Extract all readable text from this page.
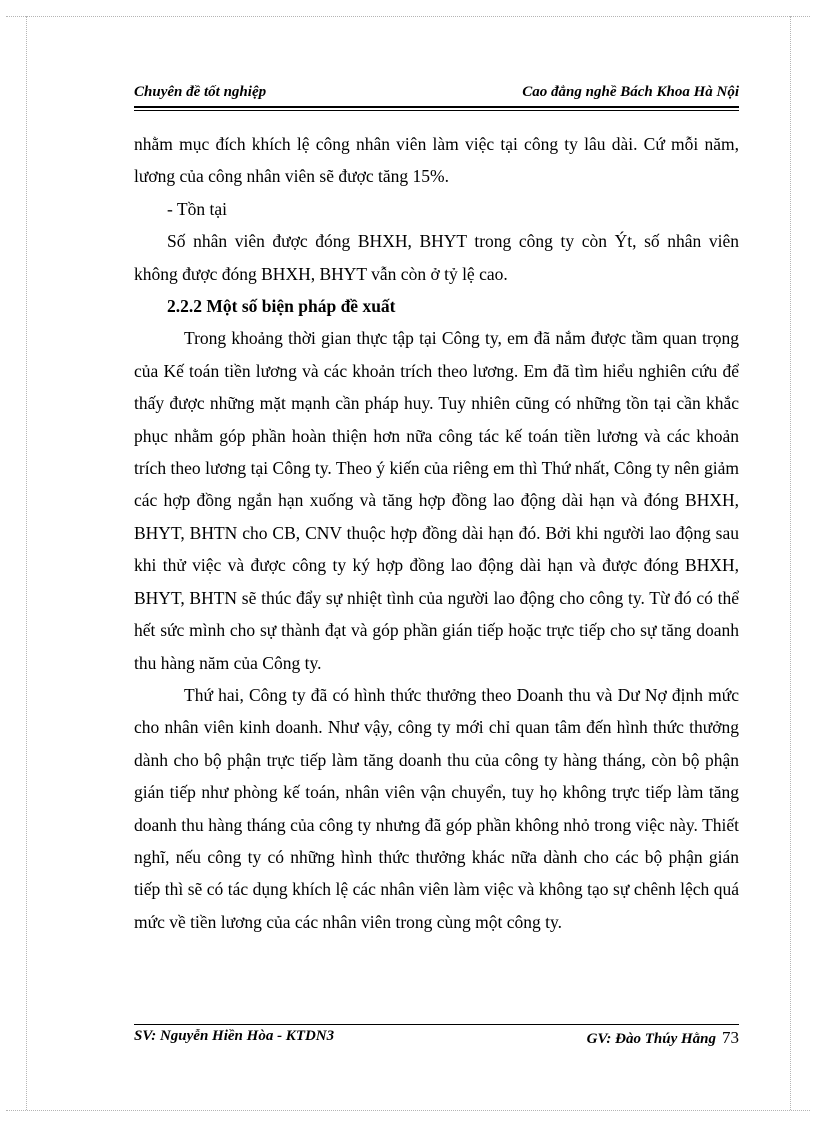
Chuyên đề tốt nghiệp	Cao đẳng nghề Bách Khoa Hà Nội

nhằm mục đích khích lệ công nhân viên làm việc tại công ty lâu dài. Cứ mỗi năm, lương của công nhân viên sẽ được tăng 15%.

- Tồn tại

Số nhân viên được đóng BHXH, BHYT trong công ty còn Ýt, số nhân viên không được đóng BHXH, BHYT vẫn còn ở tỷ lệ cao.

2.2.2 Một số biện pháp đề xuất

Trong khoảng thời gian thực tập tại Công ty, em đã nắm được tầm quan trọng của Kế toán tiền lương và các khoản trích theo lương. Em đã tìm hiểu nghiên cứu để thấy được những mặt mạnh cần pháp huy. Tuy nhiên cũng có những tồn tại cần khắc phục nhằm góp phần hoàn thiện hơn nữa công tác kế toán tiền lương và các khoản trích theo lương tại Công ty. Theo ý kiến của riêng em thì Thứ nhất, Công ty nên giảm các hợp đồng ngắn hạn xuống và tăng hợp đồng lao động dài hạn và đóng BHXH, BHYT, BHTN cho CB, CNV thuộc hợp đồng dài hạn đó. Bởi khi người lao động sau khi thử việc và được công ty ký hợp đồng lao động dài hạn và được đóng BHXH, BHYT, BHTN sẽ thúc đẩy sự nhiệt tình của người lao động cho công ty. Từ đó có thể hết sức mình cho sự thành đạt và góp phần gián tiếp hoặc trực tiếp cho sự tăng doanh thu hàng năm của Công ty.

Thứ hai, Công ty đã có hình thức thưởng theo Doanh thu và Dư Nợ định mức cho nhân viên kinh doanh. Như vậy, công ty mới chỉ quan tâm đến hình thức thưởng dành cho bộ phận trực tiếp làm tăng doanh thu của công ty hàng tháng, còn bộ phận gián tiếp như phòng kế toán, nhân viên vận chuyển, tuy họ không trực tiếp làm tăng doanh thu hàng tháng của công ty nhưng đã góp phần không nhỏ trong việc này. Thiết nghĩ, nếu công ty có những hình thức thưởng khác nữa dành cho các bộ phận gián tiếp thì sẽ có tác dụng khích lệ các nhân viên làm việc và không tạo sự chênh lệch quá mức về tiền lương của các nhân viên trong cùng một công ty.

SV: Nguyễn Hiền Hòa - KTDN3	GV: Đào Thúy Hằng 73
